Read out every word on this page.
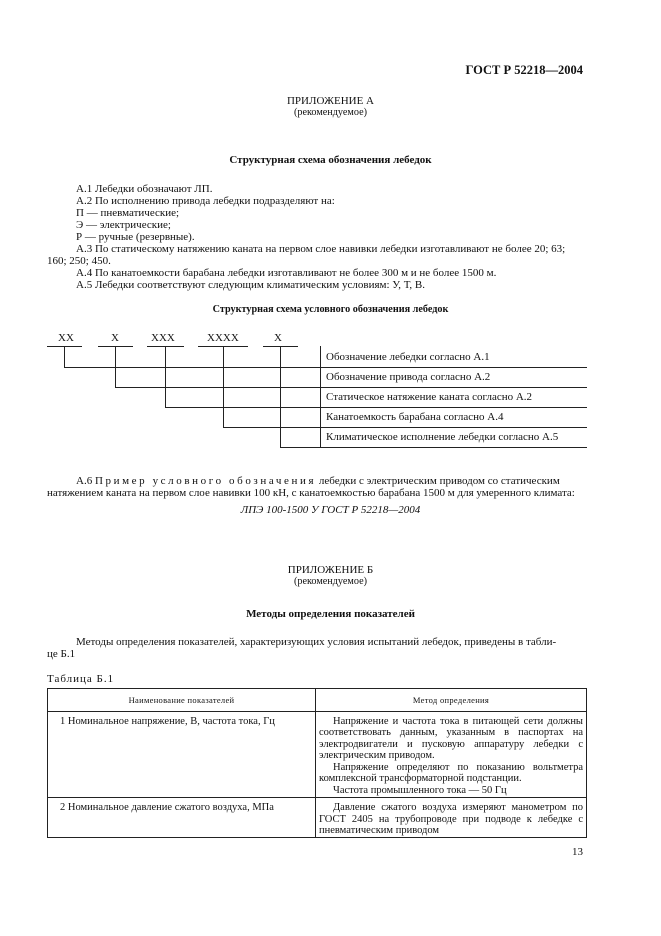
ГОСТ Р 52218—2004
ПРИЛОЖЕНИЕ А
(рекомендуемое)
Структурная схема обозначения лебедок
А.1 Лебедки обозначают ЛП.
А.2 По исполнению привода лебедки подразделяют на:
П — пневматические;
Э — электрические;
Р — ручные (резервные).
А.3 По статическому натяжению каната на первом слое навивки лебедки изготавливают не более 20; 63;
160; 250; 450.
А.4 По канатоемкости барабана лебедки изготавливают не более 300 м и не более 1500 м.
А.5 Лебедки соответствуют следующим климатическим условиям: У, Т, В.
Структурная схема условного обозначения лебедок
XX	X	XXX	XXXX	X
Обозначение лебедки согласно А.1
Обозначение привода согласно А.2
Статическое натяжение каната согласно А.2
Канатоемкость барабана согласно А.4
Климатическое исполнение лебедки согласно А.5
А.6 Пример условного обозначения лебедки с электрическим приводом со статическим
натяжением каната на первом слое навивки 100 кН, с канатоемкостью барабана 1500 м для умеренного климата:
ЛПЭ 100-1500 У ГОСТ Р 52218—2004
ПРИЛОЖЕНИЕ Б
(рекомендуемое)
Методы определения показателей
Методы определения показателей, характеризующих условия испытаний лебедок, приведены в табли-
це Б.1
Таблица Б.1
Наименование показателей	Метод определения
1 Номинальное напряжение, В, частота тока, Гц	Напряжение и частота тока в питающей сети должны соответствовать данным, указанным в паспортах на электродвигатели и пусковую аппаратуру лебедки с электрическим приводом.

Напряжение определяют по показанию вольтметра комплексной трансформаторной подстанции.

Частота промышленного тока — 50 Гц

2 Номинальное давление сжатого воздуха, МПа	Давление сжатого воздуха измеряют манометром по ГОСТ 2405 на трубопроводе при подводе к лебедке с пневматическим приводом

13
